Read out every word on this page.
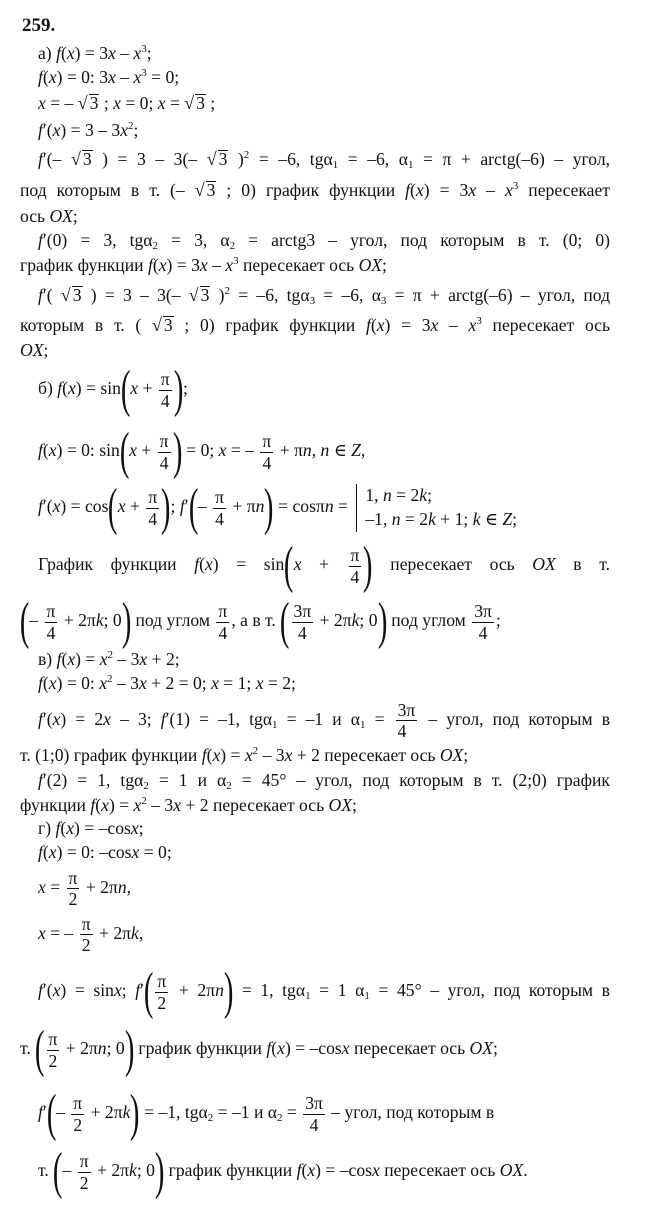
259.
а) $f(x) = 3x - x^3$;
f(x) = 0: $3x - x^3 = 0$;
x = – √ 3 ; x = 0; x = √ 3 ;
$f'(x) = 3 - 3x^2$;
f′(– √ 3 ) = 3 – 3(– √ 3 )$^2$ = –6, tgα$_1$ = –6, $\alpha_1 = \pi$ + arctg(–6) – угол,
под которым в т. (– √ 3 ; 0) график функции $f(x) = 3x - x^3$ пересекает
ось OX;
f′(0) = 3, tgα$_2$ = 3, $\alpha_2$ = arctg3 – угол, под которым в т. (0; 0)
график функции $f(x) = 3x - x^3$ пересекает ось OX;
f′( √ 3 ) = 3 – 3(– √ 3 )$^2$ = –6, tgα$_3$ = –6, $\alpha_3 = \pi$ + arctg(–6) – угол, под
которым в т. ( √ 3 ; 0) график функции $f(x) = 3x - x^3$ пересекает ось
OX;
б) $f(x) = \sin(x + \frac{\pi}{4}$ );
f(x) = 0: $\sin(x + \frac{\pi}{4}$ ) = 0; x = – $\frac{\pi}{4} + \pi n$, n ∈ Z,
$f'(x) = \cos(x + \frac{\pi}{4}$ ); $f'(- \frac{\pi}{4} + \pi n) = \cos\pi n$ =
1, n = 2k;
–1, n = 2k + 1; k ∈ Z;
График функции $f(x) = \sin(x + \frac{\pi}{4}$ ) пересекает ось OX в т.
(– $\frac{\pi}{4} + 2\pi k$; 0) под углом $\frac{\pi}{4}$ , а в т. ( $\frac{3\pi}{4} + 2\pi k$; 0) под углом $\frac{3\pi}{4}$ ;
в) $f(x) = x^2 - 3x + 2$;
f(x) = 0: $x^2 - 3x + 2 = 0$; x = 1; x = 2;
f′(x) = 2x – 3; f′(1) = –1, tgα$_1$ = –1 и $\alpha_1 = \frac{3\pi}{4}$ – угол, под которым в
т. (1;0) график функции $f(x) = x^2 - 3x + 2$ пересекает ось OX;
f′(2) = 1, tgα$_2$ = 1 и $\alpha_2 = 45^\circ$ – угол, под которым в т. (2;0) график
функции $f(x) = x^2 - 3x + 2$ пересекает ось OX;
г) f(x) = –cosx;
f(x) = 0: –cosx = 0;
$x = \frac{\pi}{2} + 2\pi n$,
x = – $\frac{\pi}{2} + 2\pi k$,
f′(x) = sinx; $f'( \frac{\pi}{2} + 2\pi n) = 1$, tgα$_1$ = 1 $\alpha_1 = 45^\circ$ – угол, под которым в
т. ( $\frac{\pi}{2} + 2\pi n$; 0) график функции f(x) = –cosx пересекает ось OX;
$f'(- \frac{\pi}{2} + 2\pi k) = -1$, tgα$_2$ = –1 и $\alpha_2 = \frac{3\pi}{4}$ – угол, под которым в
т. (– $\frac{\pi}{2} + 2\pi k$; 0) график функции f(x) = –cosx пересекает ось OX.
